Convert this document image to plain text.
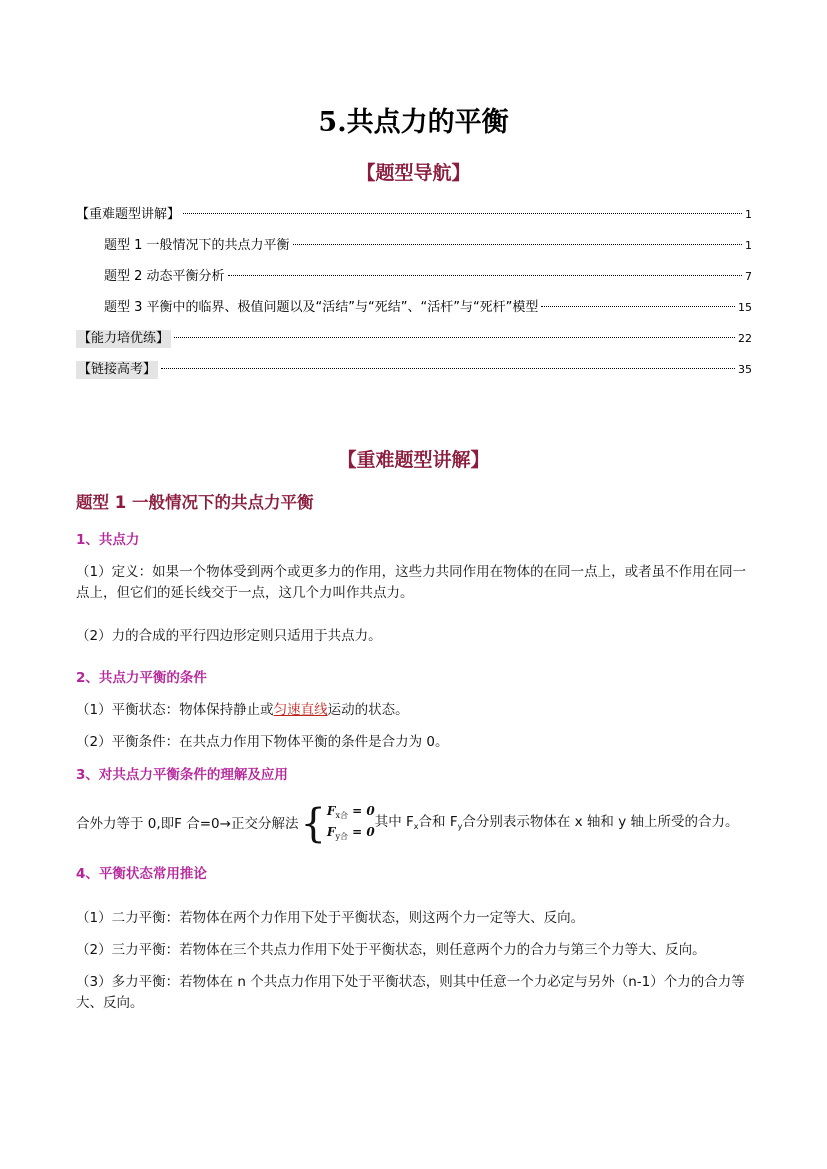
5.共点力的平衡
【题型导航】
【重难题型讲解】	1
题型 1 一般情况下的共点力平衡	1
题型 2 动态平衡分析	7
题型 3 平衡中的临界、极值问题以及“活结”与“死结”、“活杆”与“死杆”模型	15
【能力培优练】	22
【链接高考】	35
【重难题型讲解】
题型 1 一般情况下的共点力平衡
1、共点力
（1）定义：如果一个物体受到两个或更多力的作用，这些力共同作用在物体的在同一点上，或者虽不作用在同一点上，但它们的延长线交于一点，这几个力叫作共点力。
（2）力的合成的平行四边形定则只适用于共点力。
2、共点力平衡的条件
（1）平衡状态：物体保持静止或匀速直线运动的状态。
（2）平衡条件：在共点力作用下物体平衡的条件是合力为 0。
3、对共点力平衡条件的理解及应用
合外力等于 0,即F 合=0→正交分解法 { $F_{x合} = 0$
$F_{y合} = 0$
其中 $F_x$合和 $F_y$合分别表示物体在 x 轴和 y 轴上所受的合力。
4、平衡状态常用推论
（1）二力平衡：若物体在两个力作用下处于平衡状态，则这两个力一定等大、反向。
（2）三力平衡：若物体在三个共点力作用下处于平衡状态，则任意两个力的合力与第三个力等大、反向。
（3）多力平衡：若物体在 n 个共点力作用下处于平衡状态，则其中任意一个力必定与另外（n-1）个力的合力等大、反向。
